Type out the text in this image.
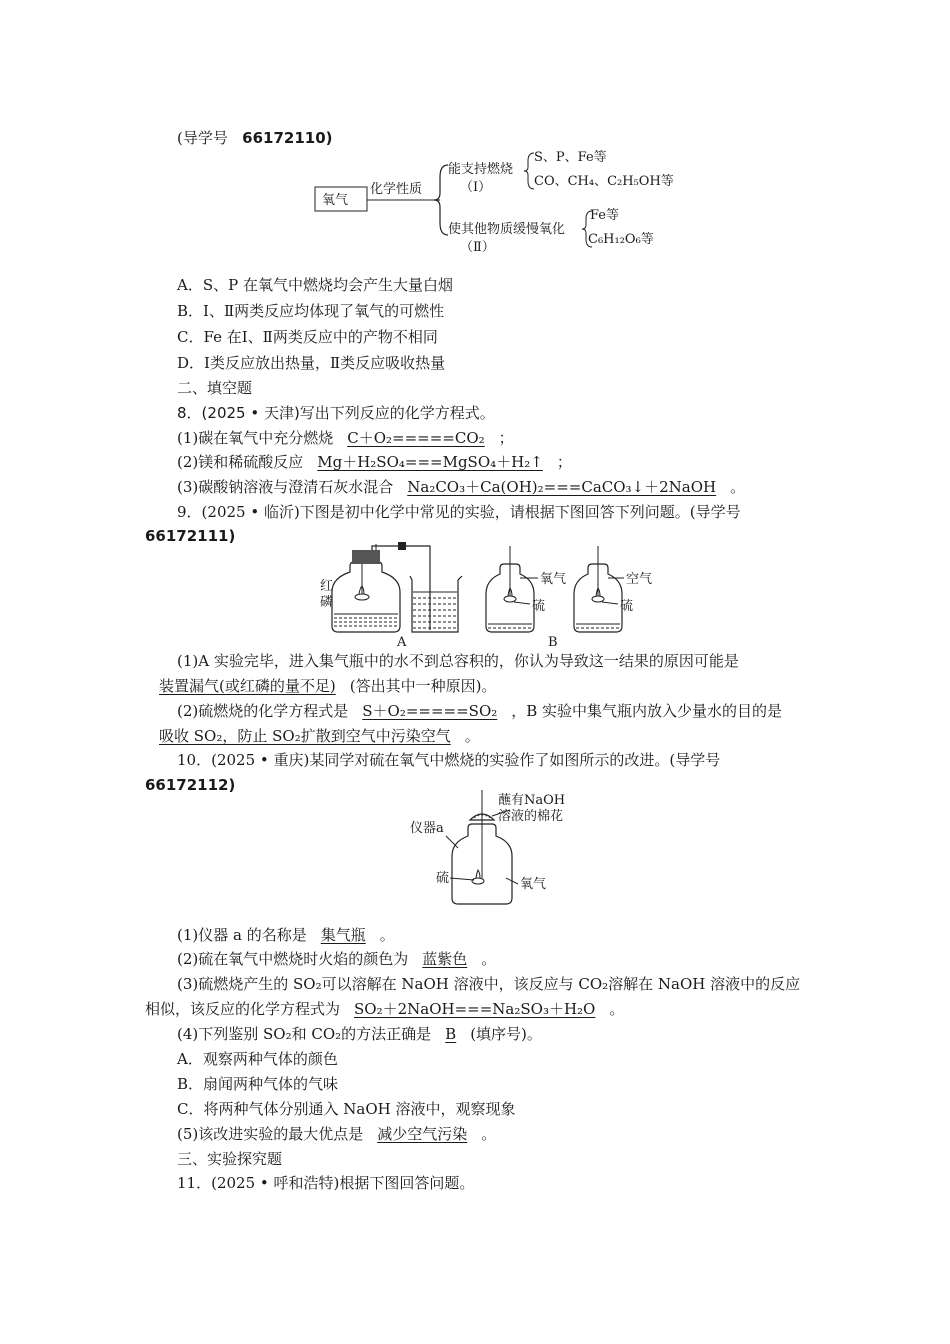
(导学号 66172110)
氧气
化学性质
能支持燃烧
（Ⅰ）
S、P、Fe等
CO、CH₄、C₂H₅OH等
使其他物质缓慢氧化
（Ⅱ）
Fe等
C₆H₁₂O₆等
A．S、P 在氧气中燃烧均会产生大量白烟
B．Ⅰ、Ⅱ两类反应均体现了氧气的可燃性
C．Fe 在Ⅰ、Ⅱ两类反应中的产物不相同
D．Ⅰ类反应放出热量，Ⅱ类反应吸收热量
二、填空题
8．(2025 • 天津)写出下列反应的化学方程式。
(1)碳在氧气中充分燃烧 C＋O₂=====CO₂ ；
(2)镁和稀硫酸反应 Mg＋H₂SO₄===MgSO₄＋H₂↑ ；
(3)碳酸钠溶液与澄清石灰水混合 Na₂CO₃＋Ca(OH)₂===CaCO₃↓＋2NaOH 。
9．(2025 • 临沂)下图是初中化学中常见的实验，请根据下图回答下列问题。(导学号
66172111)
红
磷
A
氧气
硫
空气
硫
B
(1)A 实验完毕，进入集气瓶中的水不到总容积的，你认为导致这一结果的原因可能是
装置漏气(或红磷的量不足) (答出其中一种原因)。
(2)硫燃烧的化学方程式是 S＋O₂=====SO₂ ，B 实验中集气瓶内放入少量水的目的是
吸收 SO₂，防止 SO₂扩散到空气中污染空气 。
10．(2025 • 重庆)某同学对硫在氧气中燃烧的实验作了如图所示的改进。(导学号
66172112)
蘸有NaOH
溶液的棉花
仪器a
硫	氧气
(1)仪器 a 的名称是 集气瓶 。
(2)硫在氧气中燃烧时火焰的颜色为 蓝紫色 。
(3)硫燃烧产生的 SO₂可以溶解在 NaOH 溶液中，该反应与 CO₂溶解在 NaOH 溶液中的反应
相似，该反应的化学方程式为 SO₂＋2NaOH===Na₂SO₃＋H₂O 。
(4)下列鉴别 SO₂和 CO₂的方法正确是 B (填序号)。
A．观察两种气体的颜色
B．扇闻两种气体的气味
C．将两种气体分别通入 NaOH 溶液中，观察现象
(5)该改进实验的最大优点是 减少空气污染 。
三、实验探究题
11．(2025 • 呼和浩特)根据下图回答问题。
